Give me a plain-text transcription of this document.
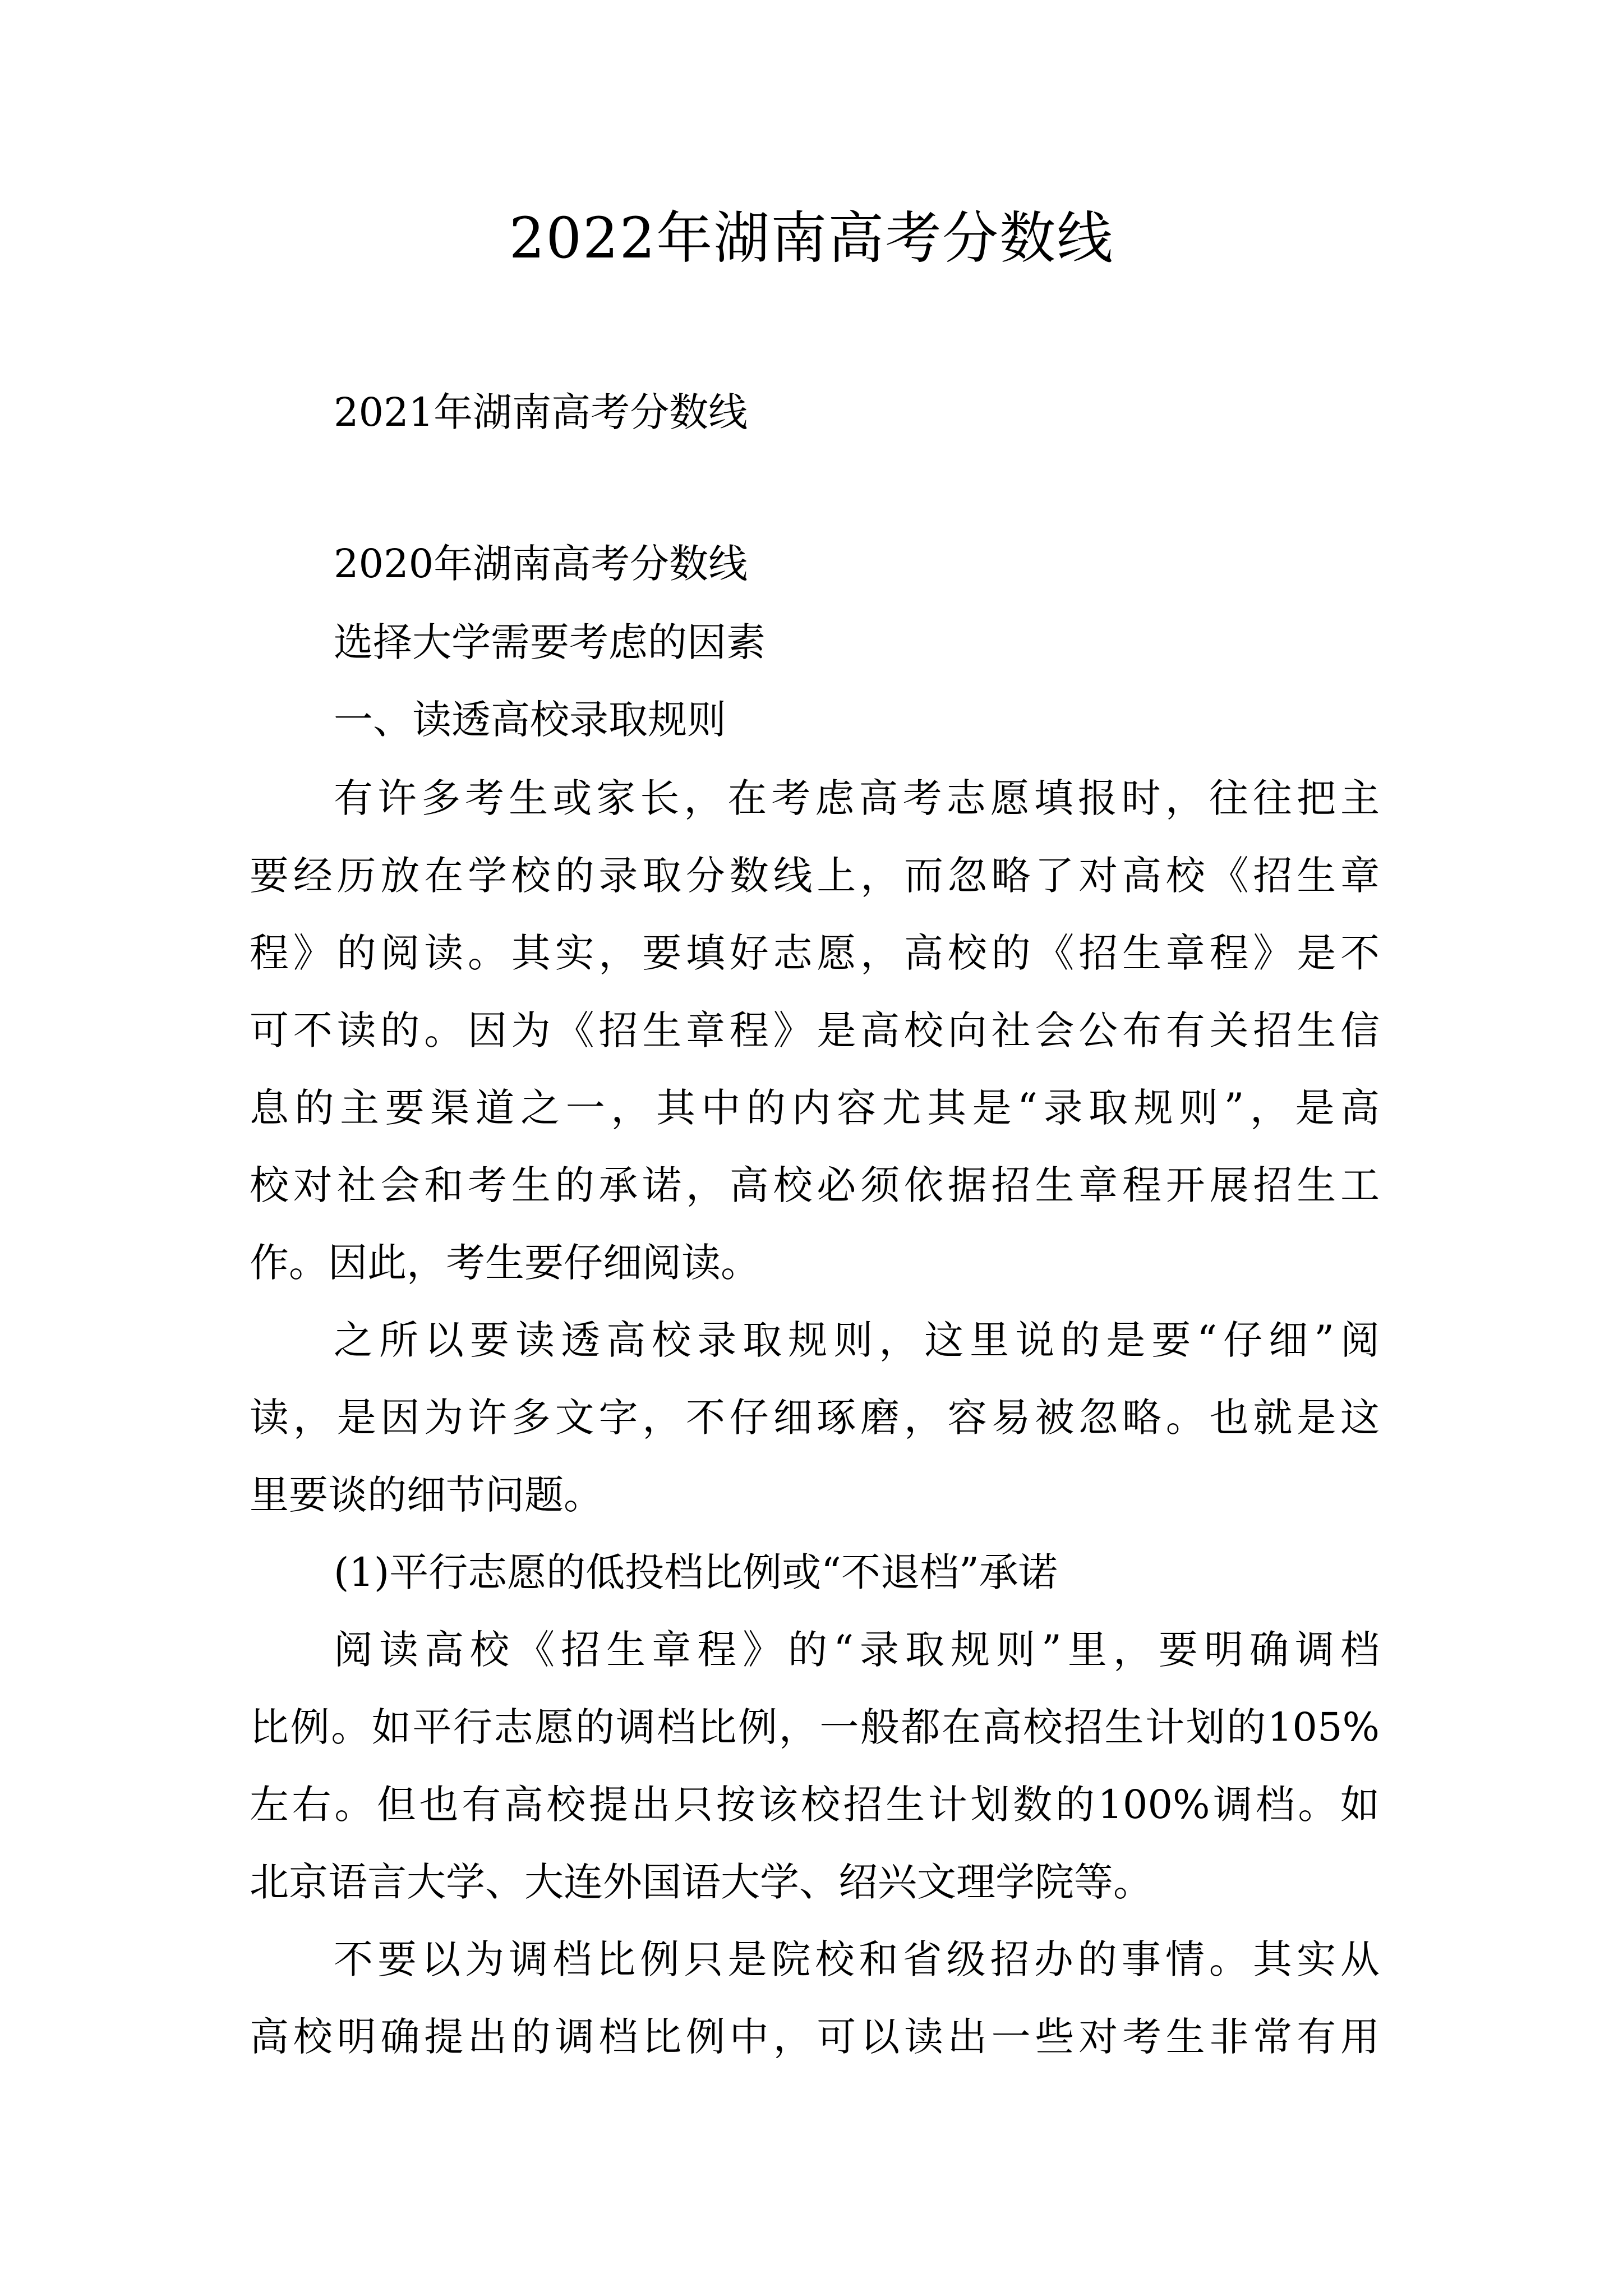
2022年湖南高考分数线
2021年湖南高考分数线
2020年湖南高考分数线
选择大学需要考虑的因素
一、读透高校录取规则
有许多考生或家长，在考虑高考志愿填报时，往往把主
要经历放在学校的录取分数线上，而忽略了对高校《招生章
程》的阅读。其实，要填好志愿，高校的《招生章程》是不
可不读的。因为《招生章程》是高校向社会公布有关招生信
息的主要渠道之一，其中的内容尤其是“录取规则”，是高
校对社会和考生的承诺，高校必须依据招生章程开展招生工
作。因此，考生要仔细阅读。
之所以要读透高校录取规则，这里说的是要“仔细”阅
读，是因为许多文字，不仔细琢磨，容易被忽略。也就是这
里要谈的细节问题。
(1)平行志愿的低投档比例或“不退档”承诺
阅读高校《招生章程》的“录取规则”里，要明确调档
比例。如平行志愿的调档比例，一般都在高校招生计划的105%
左右。但也有高校提出只按该校招生计划数的100%调档。如
北京语言大学、大连外国语大学、绍兴文理学院等。
不要以为调档比例只是院校和省级招办的事情。其实从
高校明确提出的调档比例中，可以读出一些对考生非常有用
